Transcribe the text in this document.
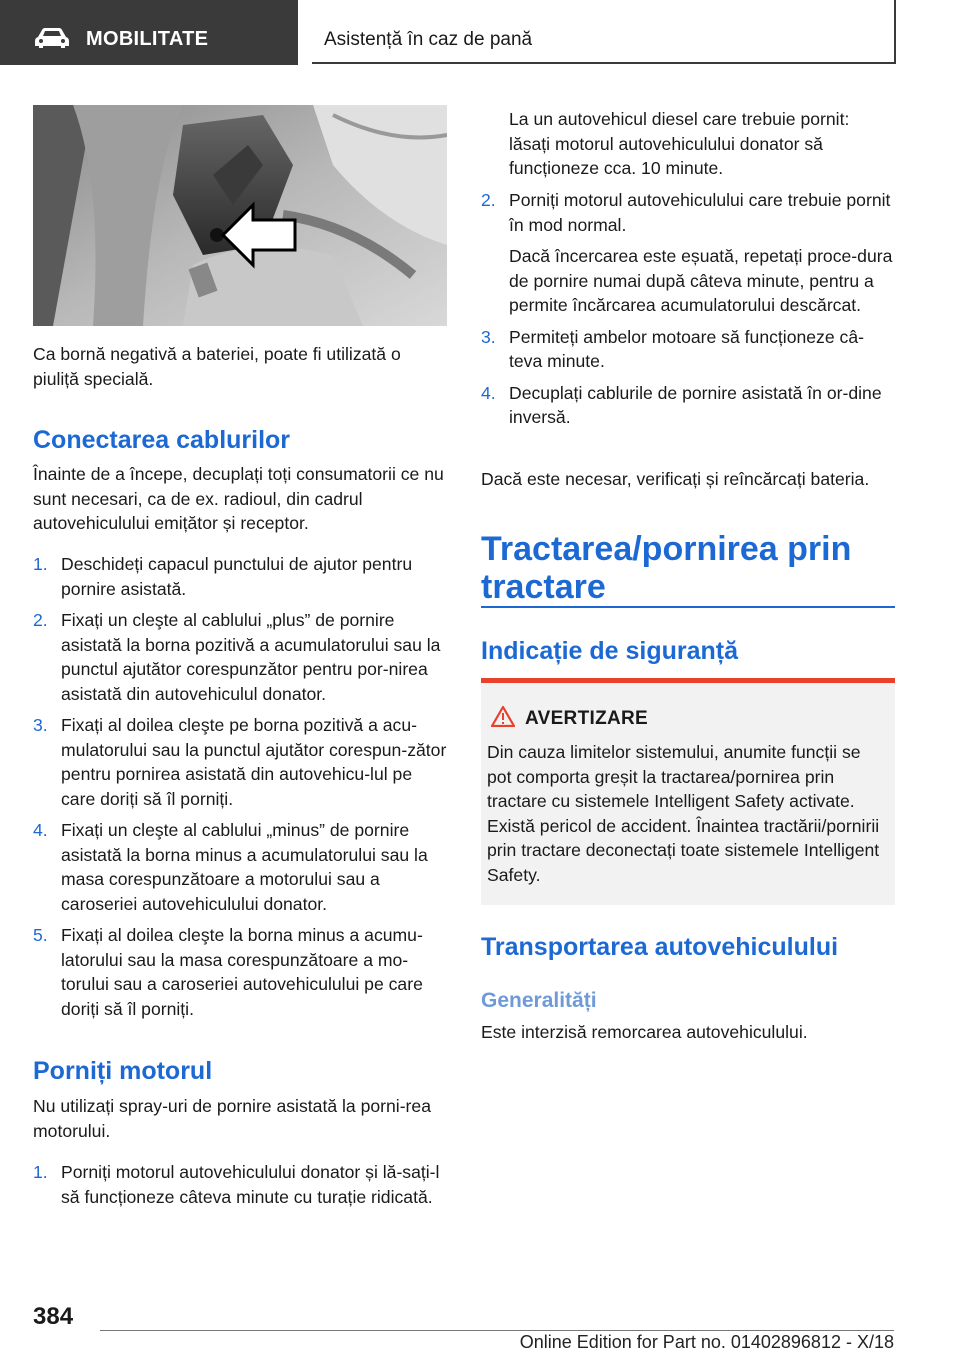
MOBILITATE	Asistență în caz de pană

Ca bornă negativă a bateriei, poate fi utilizată o piuliță specială.

Conectarea cablurilor

Înainte de a începe, decuplați toți consumatorii ce nu sunt necesari, ca de ex. radioul, din cadrul autovehiculului emițător și receptor.

1. Deschideți capacul punctului de ajutor pentru pornire asistată.
2. Fixați un cleşte al cablului „plus” de pornire asistată la borna pozitivă a acumulatorului sau la punctul ajutător corespunzător pentru por‐nirea asistată din autovehiculul donator.
3. Fixați al doilea cleşte pe borna pozitivă a acu‐mulatorului sau la punctul ajutător corespun‐zător pentru pornirea asistată din autovehicu‐lul pe care doriți să îl porniți.
4. Fixați un cleşte al cablului „minus” de pornire asistată la borna minus a acumulatorului sau la masa corespunzătoare a motorului sau a caroseriei autovehiculului donator.
5. Fixați al doilea cleşte la borna minus a acumu‐latorului sau la masa corespunzătoare a mo‐torului sau a caroseriei autovehiculului pe care doriți să îl porniți.
Porniți motorul

Nu utilizați spray-uri de pornire asistată la porni‐rea motorului.

1. Porniți motorul autovehiculului donator și lă‐sați-l să funcționeze câteva minute cu turație ridicată.

La un autovehicul diesel care trebuie pornit: lăsați motorul autovehiculului donator să funcționeze cca. 10 minute.

2. Porniți motorul autovehiculului care trebuie pornit în mod normal.
Dacă încercarea este eșuată, repetați proce‐dura de pornire numai după câteva minute, pentru a permite încărcarea acumulatorului descărcat.
3. Permiteți ambelor motoare să funcționeze câ‐teva minute.
4. Decuplați cablurile de pornire asistată în or‐dine inversă.

Dacă este necesar, verificați și reîncărcați bateria.

Tractarea/pornirea prin tractare
Indicație de siguranță
AVERTIZARE
Din cauza limitelor sistemului, anumite funcții se pot comporta greșit la tractarea/pornirea prin tractare cu sistemele Intelligent Safety activate. Există pericol de accident. Înaintea tractării/pornirii prin tractare deconectați toate sistemele Intelligent Safety.
Transportarea autovehiculului
Generalități

Este interzisă remorcarea autovehiculului.

384
Online Edition for Part no. 01402896812 - X/18
